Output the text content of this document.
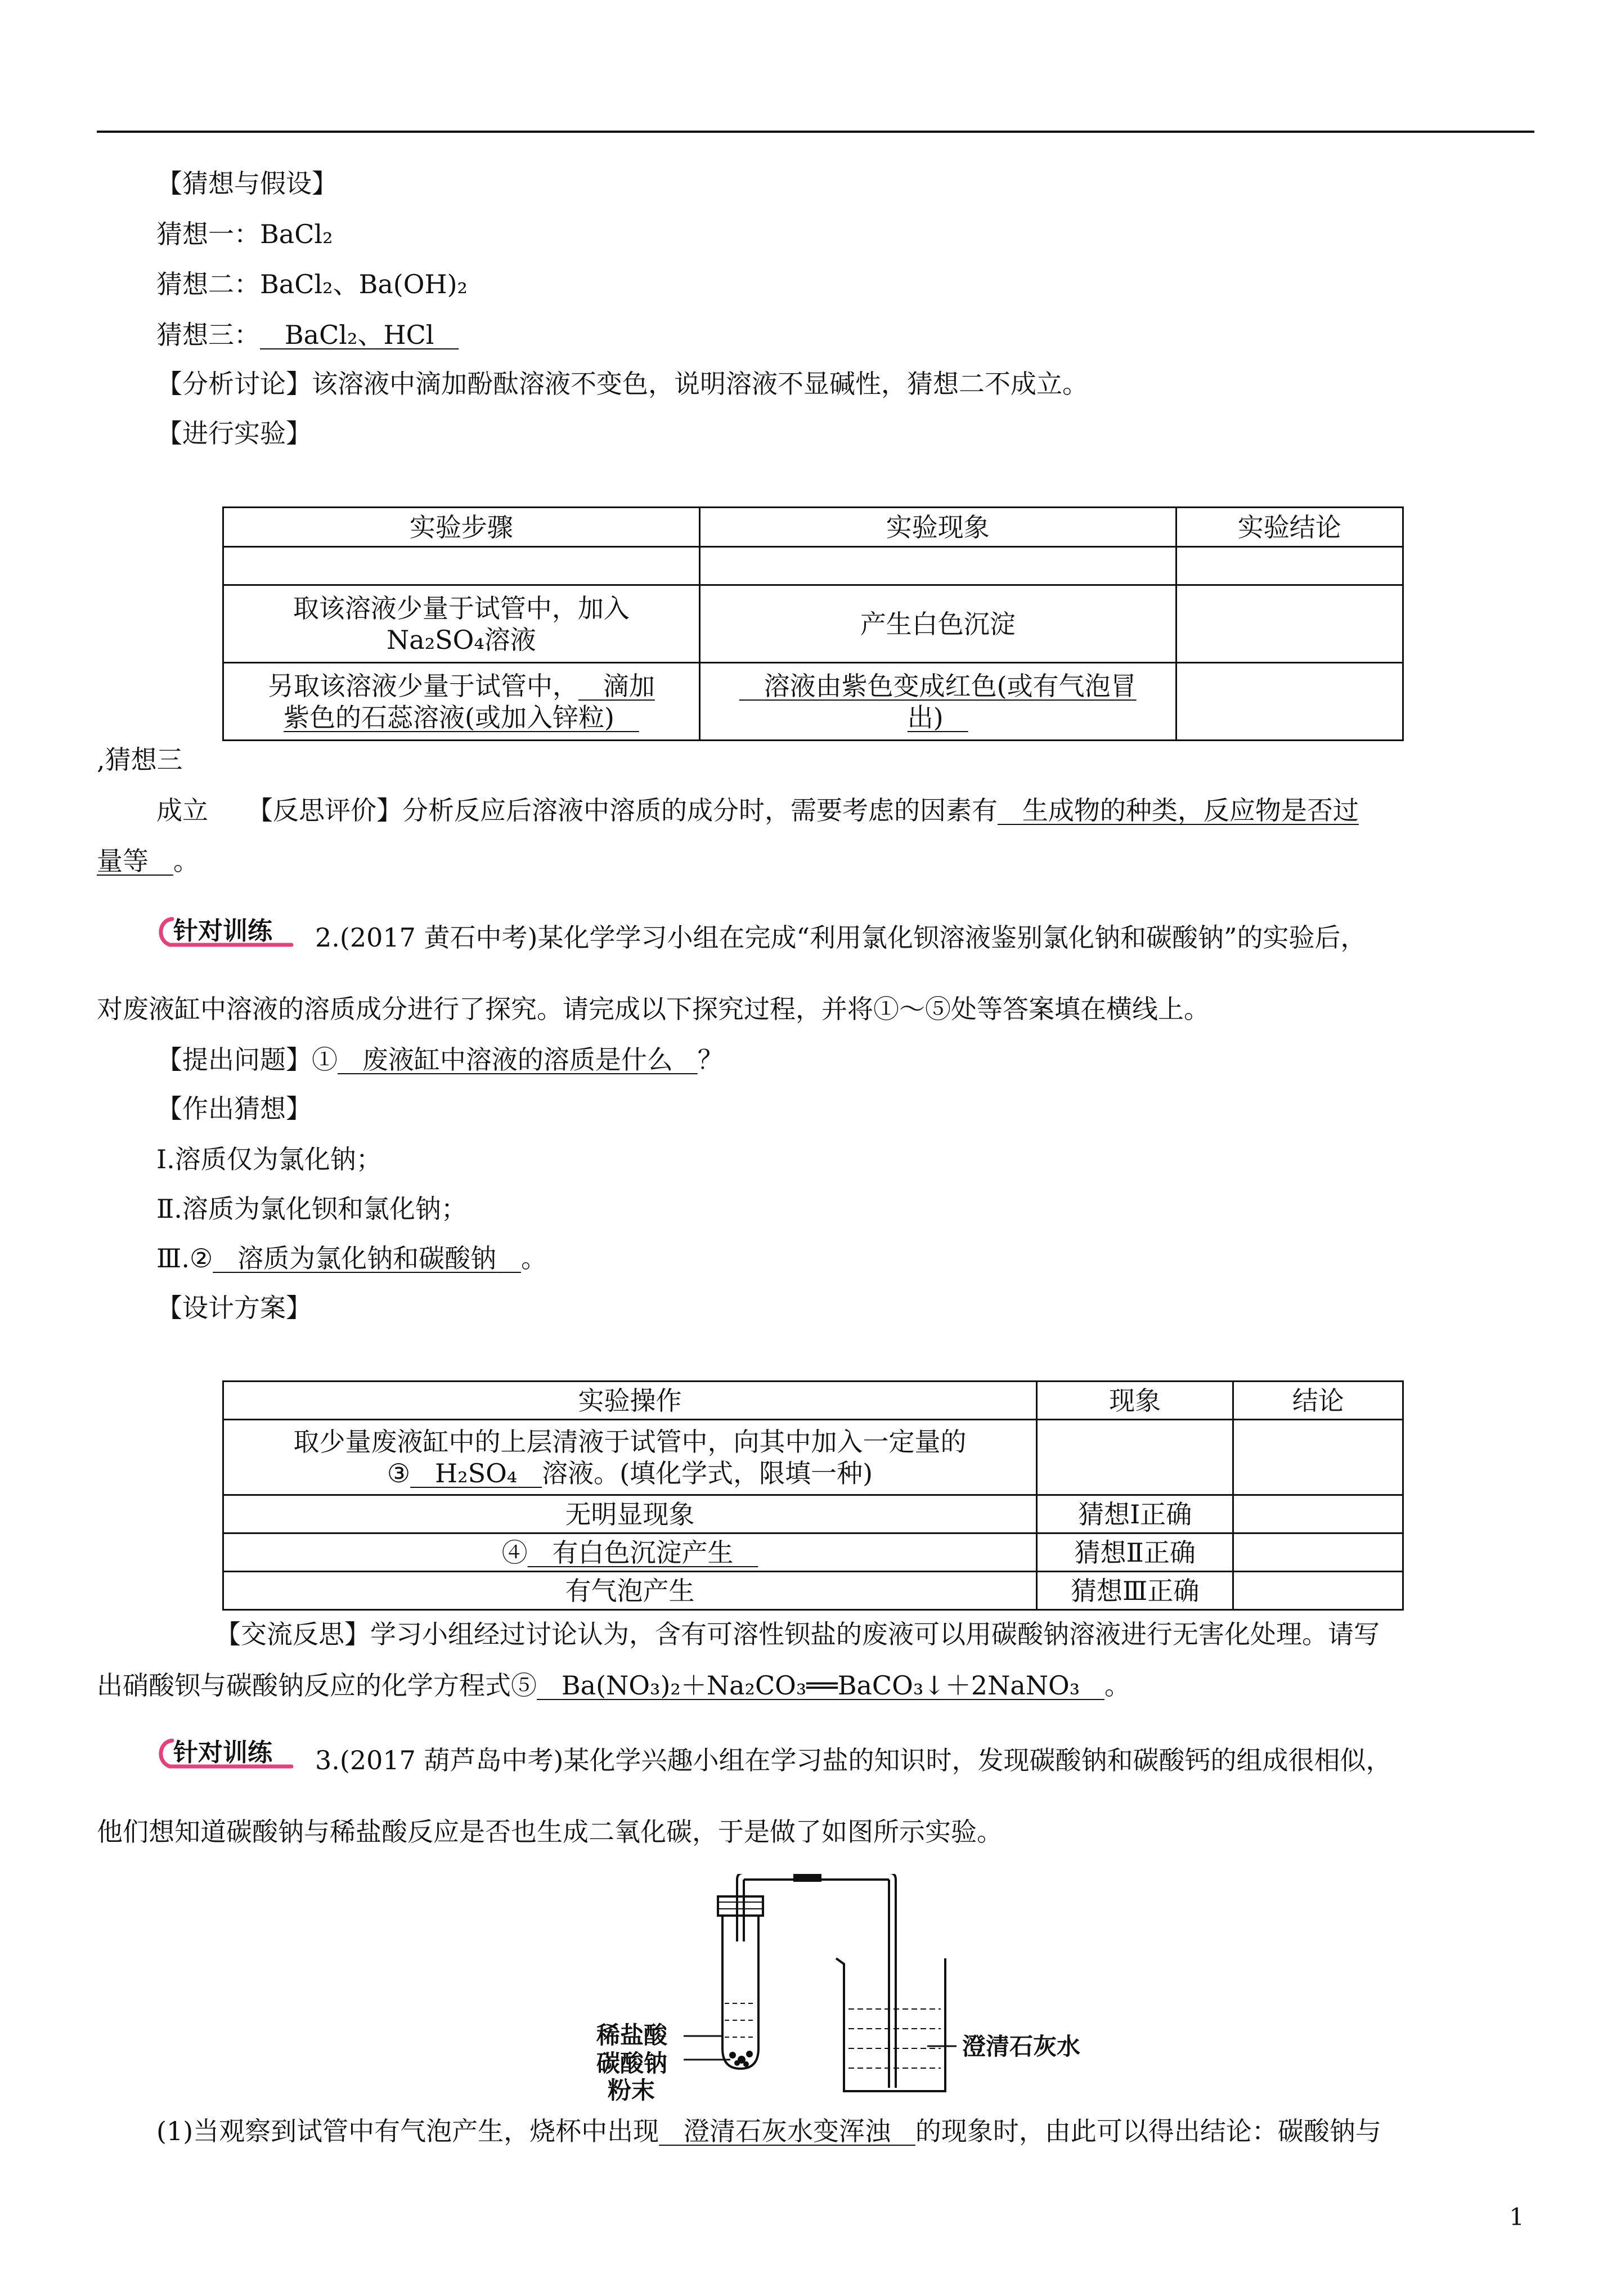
【猜想与假设】
猜想一：BaCl₂
猜想二：BaCl₂、Ba(OH)₂
猜想三： BaCl₂、HCl
【分析讨论】该溶液中滴加酚酞溶液不变色，说明溶液不显碱性，猜想二不成立。
【进行实验】
实验步骤	实验现象	实验结论

取该溶液少量于试管中，加入
Na₂SO₄溶液	产生白色沉淀	
另取该溶液少量于试管中， 滴加
紫色的石蕊溶液(或加入锌粒)	溶液由紫色变成红色(或有气泡冒
出)	
,猜想三
成立　　【反思评价】分析反应后溶液中溶质的成分时，需要考虑的因素有 生成物的种类，反应物是否过
量等 。
针对训练 2.(2017 黄石中考)某化学学习小组在完成“利用氯化钡溶液鉴别氯化钠和碳酸钠”的实验后，
对废液缸中溶液的溶质成分进行了探究。请完成以下探究过程，并将①～⑤处等答案填在横线上。
【提出问题】① 废液缸中溶液的溶质是什么 ？
【作出猜想】
Ⅰ.溶质仅为氯化钠；
Ⅱ.溶质为氯化钡和氯化钠；
Ⅲ.② 溶质为氯化钠和碳酸钠 。
【设计方案】
实验操作	现象	结论
取少量废液缸中的上层清液于试管中，向其中加入一定量的
③ H₂SO₄ 溶液。(填化学式，限填一种)		
无明显现象	猜想Ⅰ正确	
④ 有白色沉淀产生	猜想Ⅱ正确	
有气泡产生	猜想Ⅲ正确	
【交流反思】学习小组经过讨论认为，含有可溶性钡盐的废液可以用碳酸钠溶液进行无害化处理。请写
出硝酸钡与碳酸钠反应的化学方程式⑤ Ba(NO₃)₂＋Na₂CO₃══BaCO₃↓＋2NaNO₃ 。
针对训练 3.(2017 葫芦岛中考)某化学兴趣小组在学习盐的知识时，发现碳酸钠和碳酸钙的组成很相似，
他们想知道碳酸钠与稀盐酸反应是否也生成二氧化碳，于是做了如图所示实验。
稀盐酸
碳酸钠
粉末
澄清石灰水
(1)当观察到试管中有气泡产生，烧杯中出现 澄清石灰水变浑浊 的现象时，由此可以得出结论：碳酸钠与
1
